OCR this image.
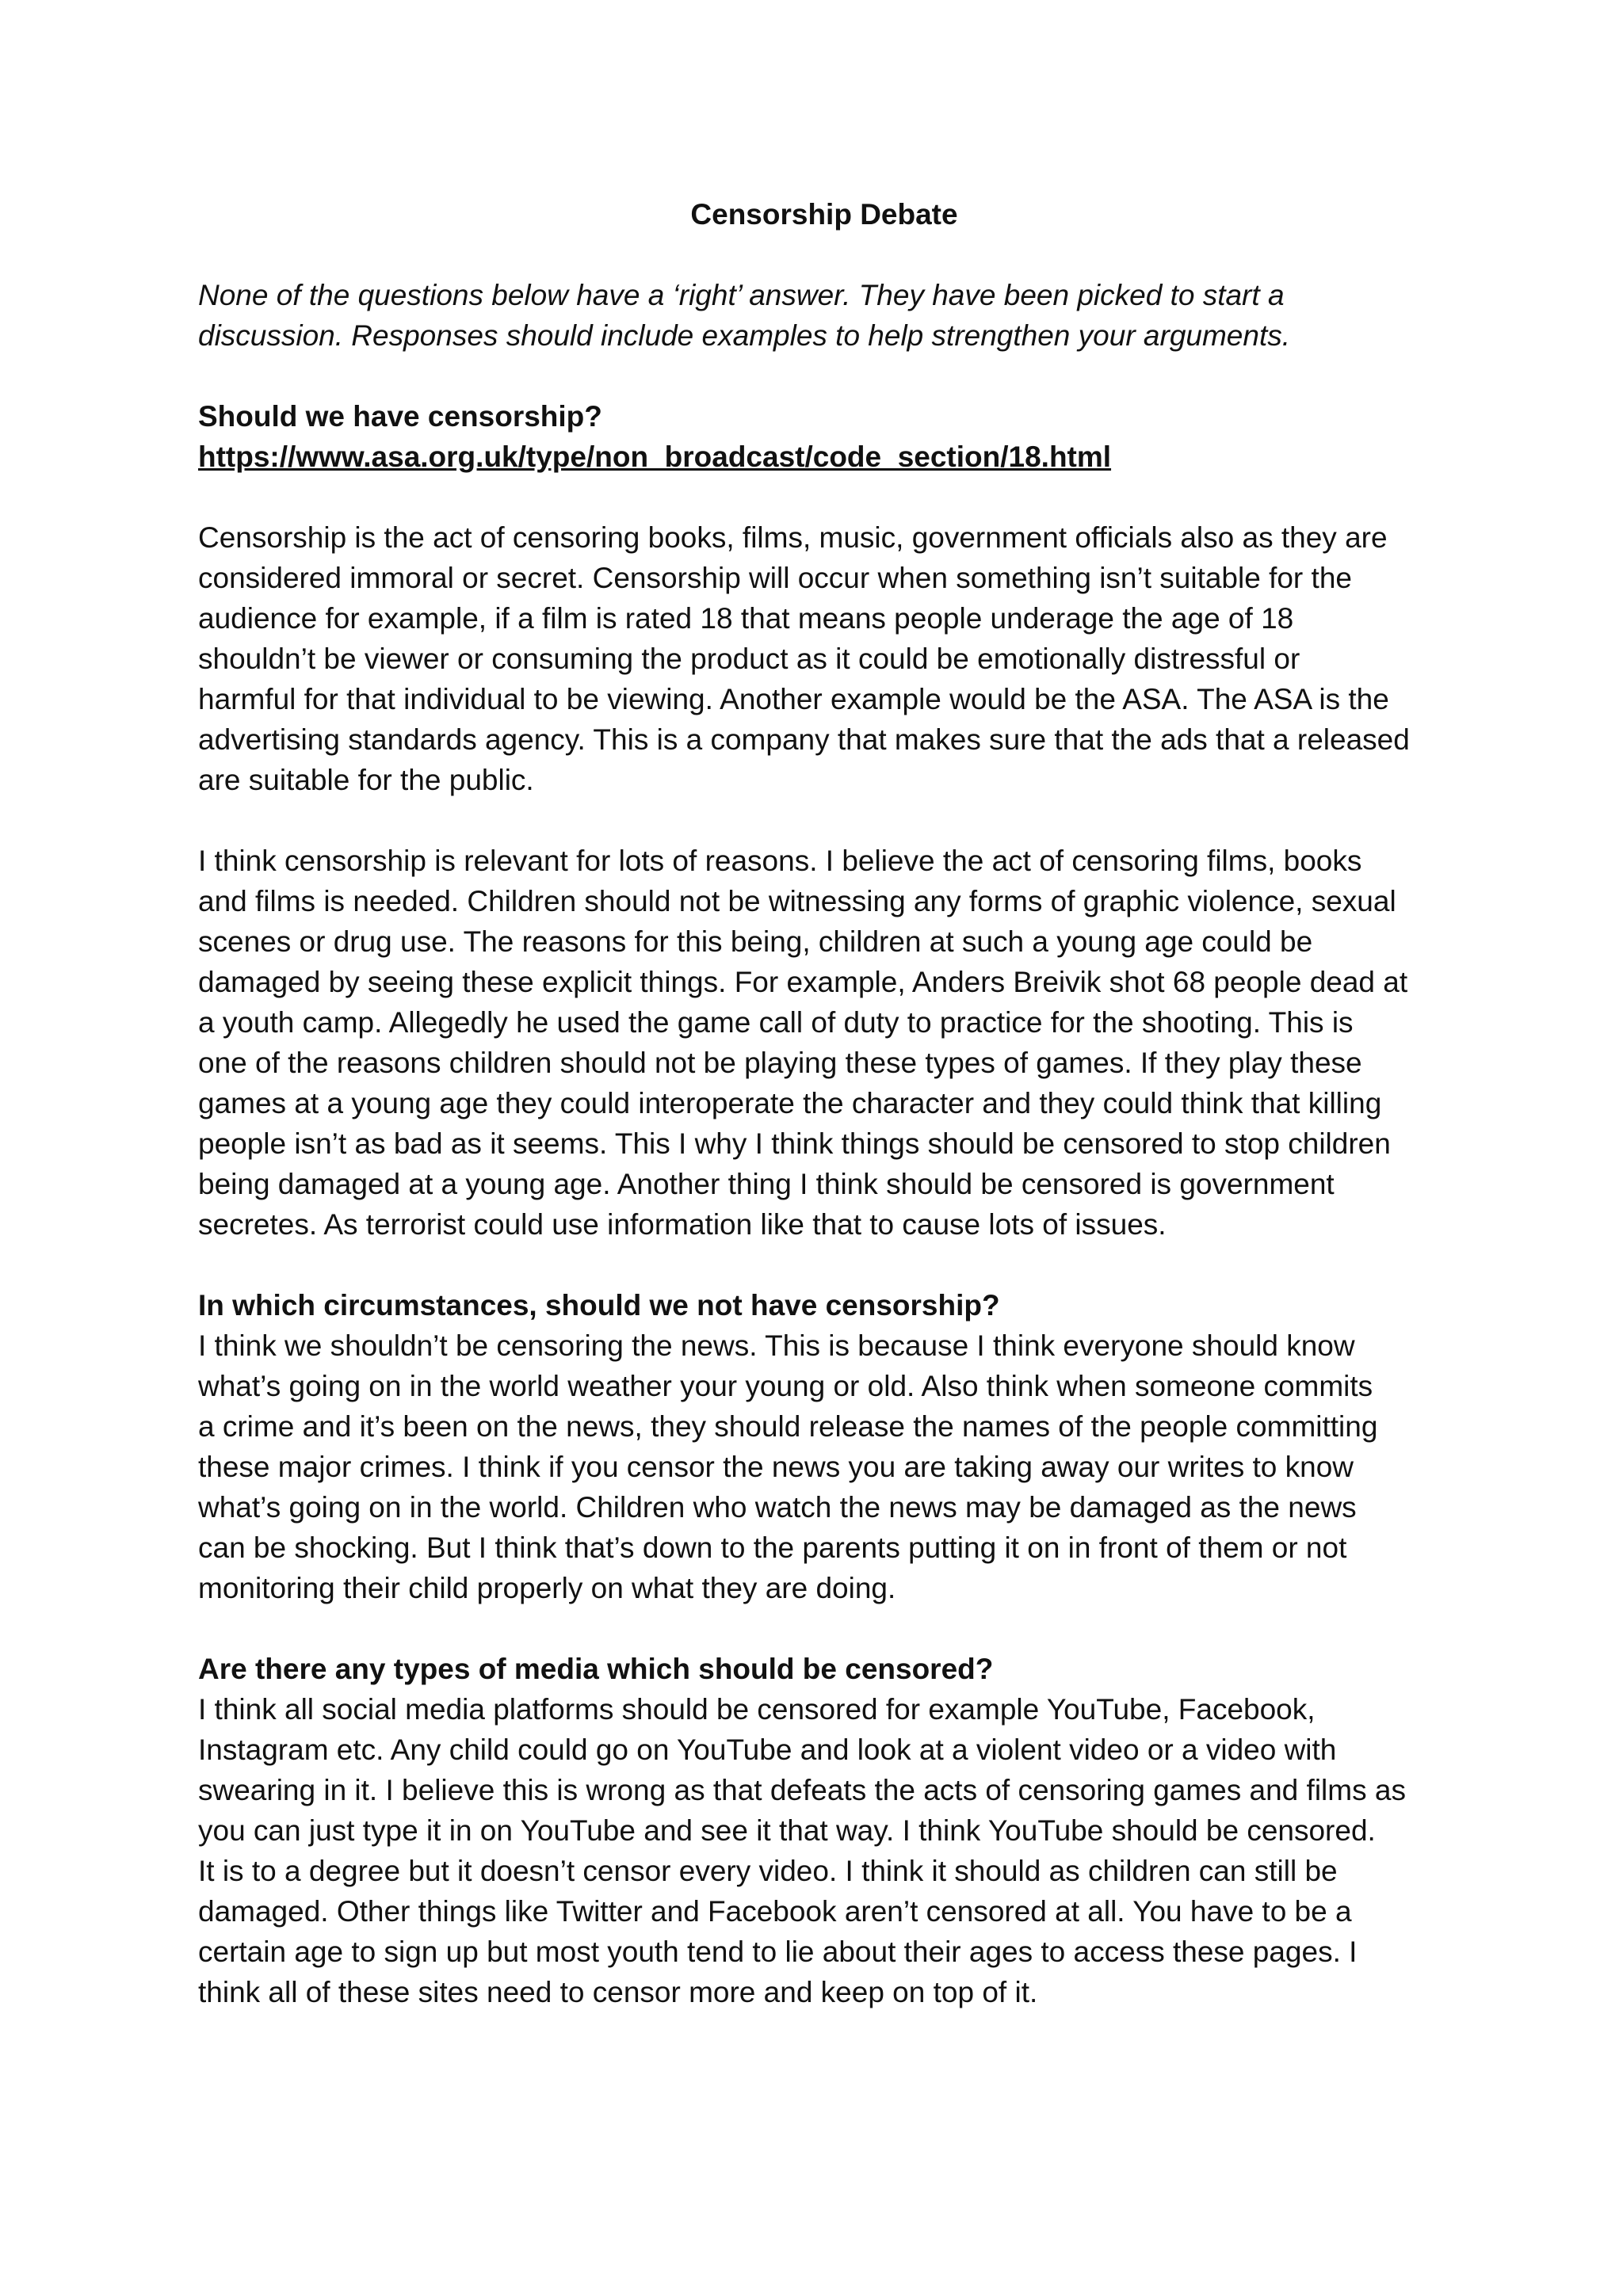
Censorship Debate
None of the questions below have a ‘right’ answer. They have been picked to start a
discussion. Responses should include examples to help strengthen your arguments.
Should we have censorship?
https://www.asa.org.uk/type/non_broadcast/code_section/18.html
Censorship is the act of censoring books, films, music, government officials also as they are
considered immoral or secret. Censorship will occur when something isn’t suitable for the
audience for example, if a film is rated 18 that means people underage the age of 18
shouldn’t be viewer or consuming the product as it could be emotionally distressful or
harmful for that individual to be viewing. Another example would be the ASA. The ASA is the
advertising standards agency. This is a company that makes sure that the ads that a released
are suitable for the public.
I think censorship is relevant for lots of reasons. I believe the act of censoring films, books
and films is needed. Children should not be witnessing any forms of graphic violence, sexual
scenes or drug use. The reasons for this being, children at such a young age could be
damaged by seeing these explicit things. For example, Anders Breivik shot 68 people dead at
a youth camp. Allegedly he used the game call of duty to practice for the shooting. This is
one of the reasons children should not be playing these types of games. If they play these
games at a young age they could interoperate the character and they could think that killing
people isn’t as bad as it seems. This I why I think things should be censored to stop children
being damaged at a young age. Another thing I think should be censored is government
secretes. As terrorist could use information like that to cause lots of issues.
In which circumstances, should we not have censorship?
I think we shouldn’t be censoring the news. This is because I think everyone should know
what’s going on in the world weather your young or old. Also think when someone commits
a crime and it’s been on the news, they should release the names of the people committing
these major crimes. I think if you censor the news you are taking away our writes to know
what’s going on in the world. Children who watch the news may be damaged as the news
can be shocking. But I think that’s down to the parents putting it on in front of them or not
monitoring their child properly on what they are doing.
Are there any types of media which should be censored?
I think all social media platforms should be censored for example YouTube, Facebook,
Instagram etc. Any child could go on YouTube and look at a violent video or a video with
swearing in it. I believe this is wrong as that defeats the acts of censoring games and films as
you can just type it in on YouTube and see it that way. I think YouTube should be censored.
It is to a degree but it doesn’t censor every video. I think it should as children can still be
damaged. Other things like Twitter and Facebook aren’t censored at all. You have to be a
certain age to sign up but most youth tend to lie about their ages to access these pages. I
think all of these sites need to censor more and keep on top of it.
